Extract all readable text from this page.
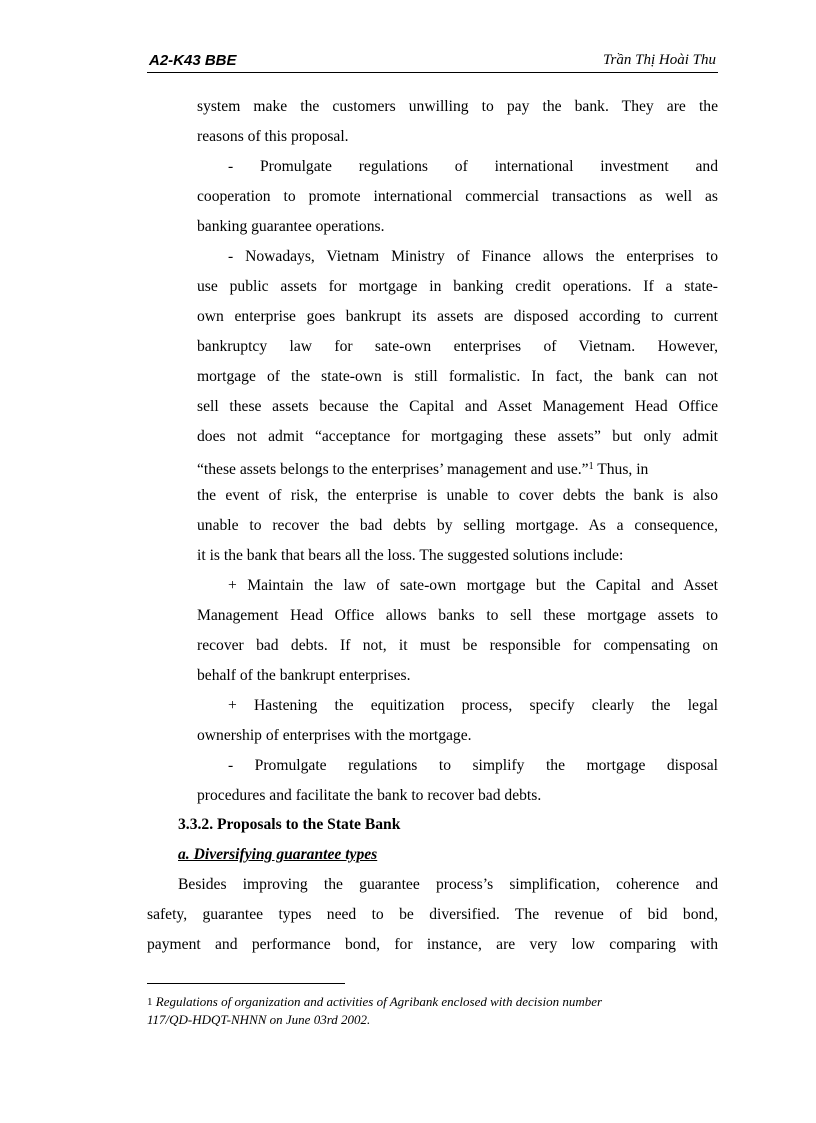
A2-K43 BBE	Trần Thị Hoài Thu
system make the customers unwilling to pay the bank. They are the
reasons of this proposal.
- Promulgate regulations of international investment and
cooperation to promote international commercial transactions as well as
banking guarantee operations.
- Nowadays, Vietnam Ministry of Finance allows the enterprises to
use public assets for mortgage in banking credit operations. If a state-
own enterprise goes bankrupt its assets are disposed according to current
bankruptcy law for sate-own enterprises of Vietnam. However,
mortgage of the state-own is still formalistic. In fact, the bank can not
sell these assets because the Capital and Asset Management Head Office
does not admit “acceptance for mortgaging these assets” but only admit
“these assets belongs to the enterprises’ management and use.”$^1$ Thus, in
the event of risk, the enterprise is unable to cover debts the bank is also
unable to recover the bad debts by selling mortgage. As a consequence,
it is the bank that bears all the loss. The suggested solutions include:
+ Maintain the law of sate-own mortgage but the Capital and Asset
Management Head Office allows banks to sell these mortgage assets to
recover bad debts. If not, it must be responsible for compensating on
behalf of the bankrupt enterprises.
+ Hastening the equitization process, specify clearly the legal
ownership of enterprises with the mortgage.
- Promulgate regulations to simplify the mortgage disposal
procedures and facilitate the bank to recover bad debts.
3.3.2. Proposals to the State Bank
a. Diversifying guarantee types
Besides improving the guarantee process’s simplification, coherence and
safety, guarantee types need to be diversified. The revenue of bid bond,
payment and performance bond, for instance, are very low comparing with
1 Regulations of organization and activities of Agribank enclosed with decision number
117/QD-HDQT-NHNN on June 03rd 2002.
